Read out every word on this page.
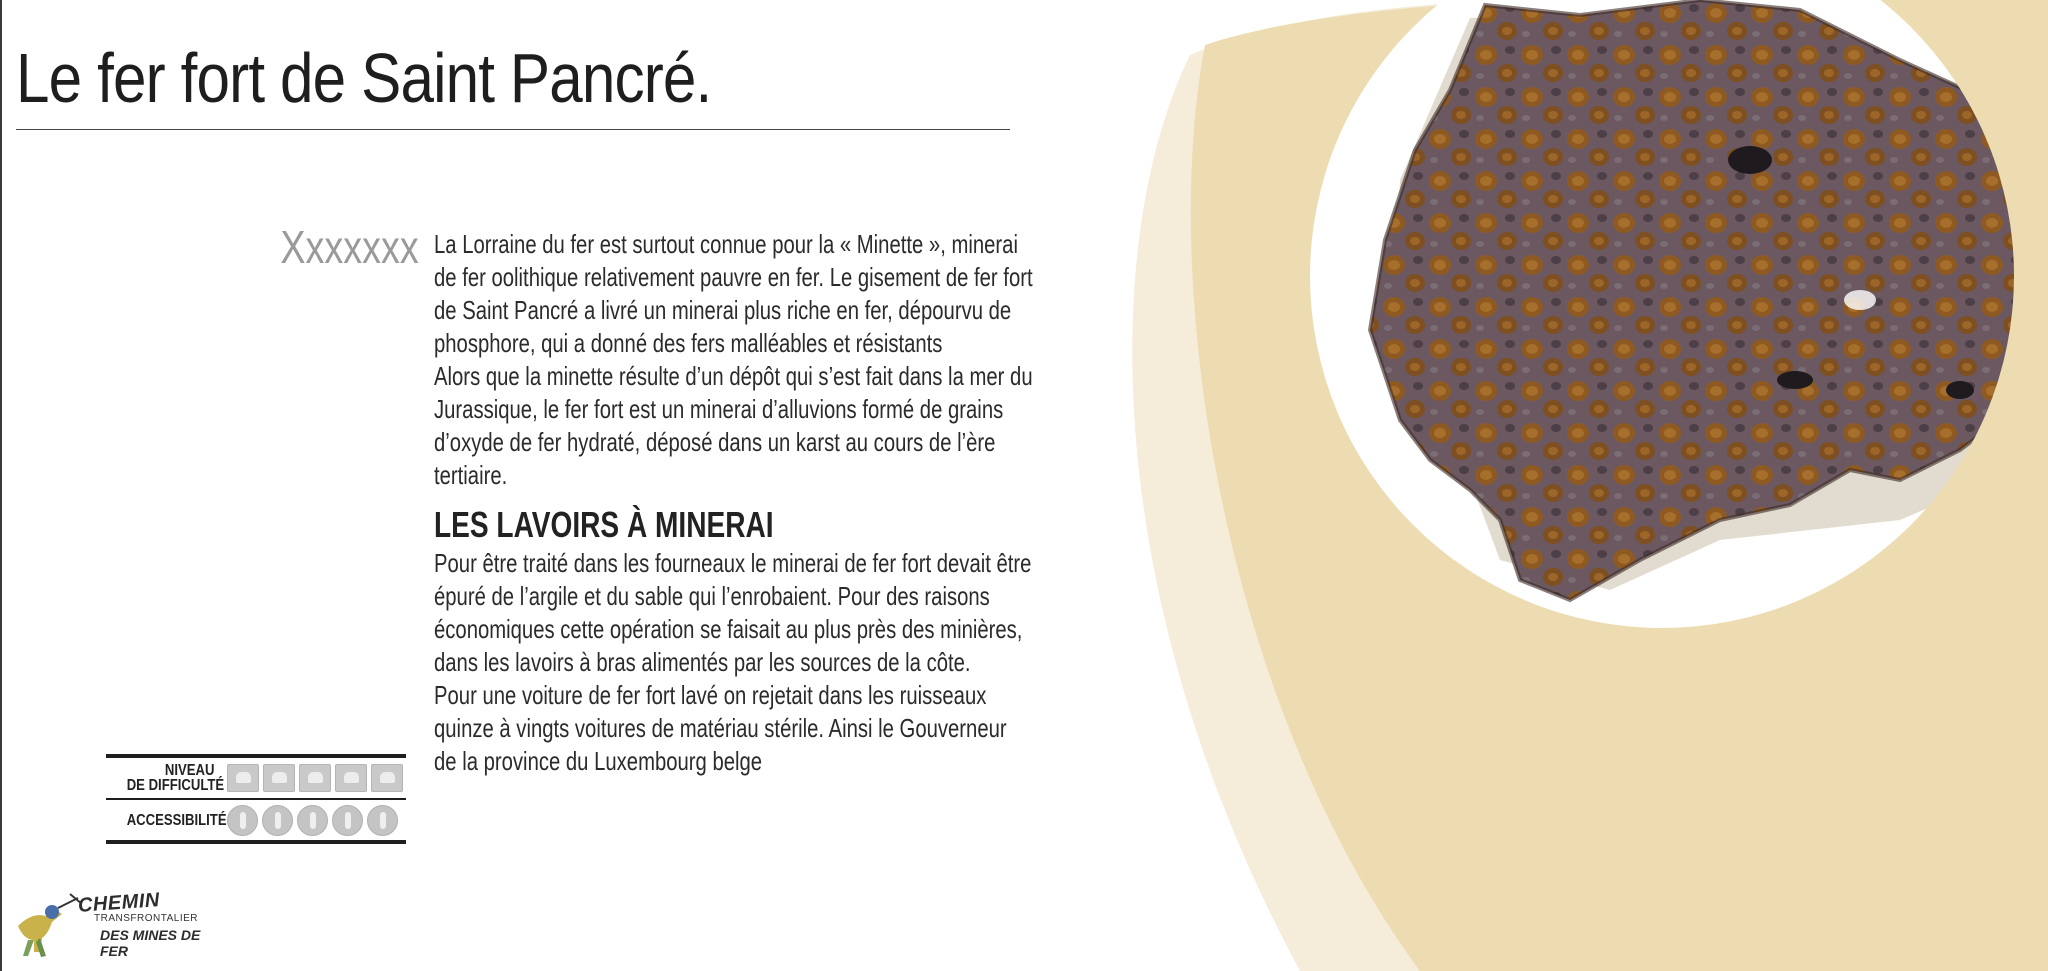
Le fer fort de Saint Pancré.
Xxxxxxx La Lorraine du fer est surtout connue pour la « Minette », minerai de fer oolithique relativement pauvre en fer. Le gisement de fer fort de Saint Pancré a livré un minerai plus riche en fer, dépourvu de phosphore, qui a donné des fers malléables et résistants

Alors que la minette résulte d’un dépôt qui s’est fait dans la mer du Jurassique, le fer fort est un minerai d’alluvions formé de grains d’oxyde de fer hydraté, déposé dans un karst au cours de l’ère tertiaire.

LES LAVOIRS À MINERAI

Pour être traité dans les fourneaux le minerai de fer fort devait être épuré de l’argile et du sable qui l’enrobaient. Pour des raisons économiques cette opération se faisait au plus près des minières, dans les lavoirs à bras alimentés par les sources de la côte.

Pour une voiture de fer fort lavé on rejetait dans les ruisseaux quinze à vingts voitures de matériau stérile. Ainsi le Gouverneur de la province du Luxembourg belge

NIVEAU
DE DIFFICULTÉ
ACCESSIBILITÉ
CHEMIN
TRANSFRONTALIER
DES MINES DE FER
